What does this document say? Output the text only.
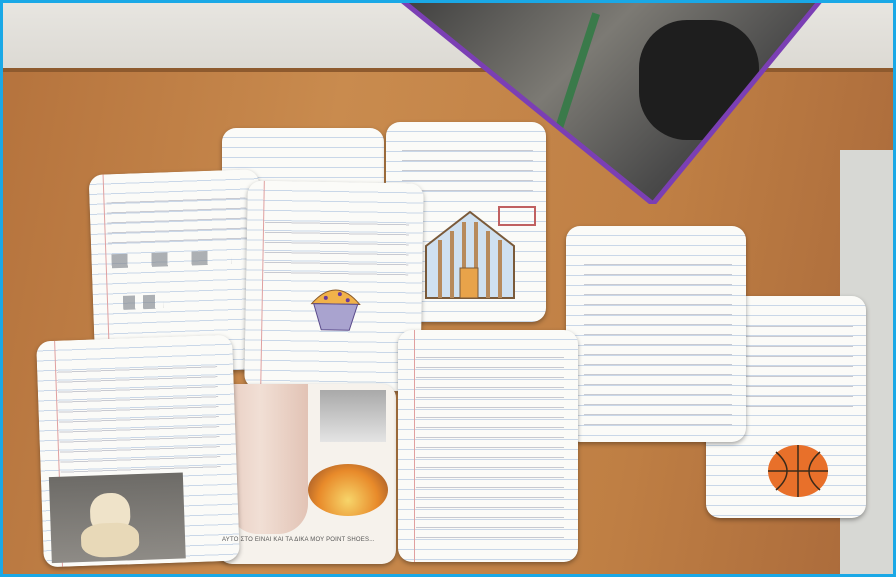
ΑΥΤΟ ΣΤΟ ΕΙΝΑΙ ΚΑΙ ΤΑ ΔΙΚΑ ΜΟΥ POINT SHOES...
